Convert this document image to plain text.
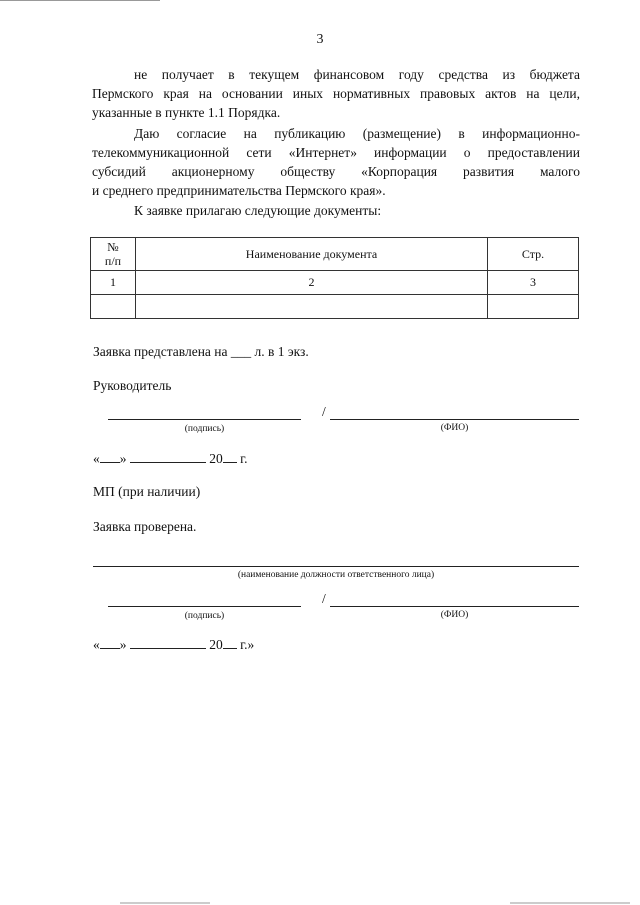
3
не получает в текущем финансовом году средства из бюджета
Пермского края на основании иных нормативных правовых актов на цели,
указанные в пункте 1.1 Порядка.
Даю согласие на публикацию (размещение) в информационно-
телекоммуникационной сети «Интернет» информации о предоставлении
субсидий акционерному обществу «Корпорация развития малого
и среднего предпринимательства Пермского края».
К заявке прилагаю следующие документы:
№
п/п	Наименование документа	Стр.
1	2	3

Заявка представлена на ___ л. в 1 экз.
Руководитель
/
(подпись)	(ФИО)
« »	20 г.
МП (при наличии)
Заявка проверена.
(наименование должности ответственного лица)
/
(подпись)	(ФИО)
« »	20 г.»
